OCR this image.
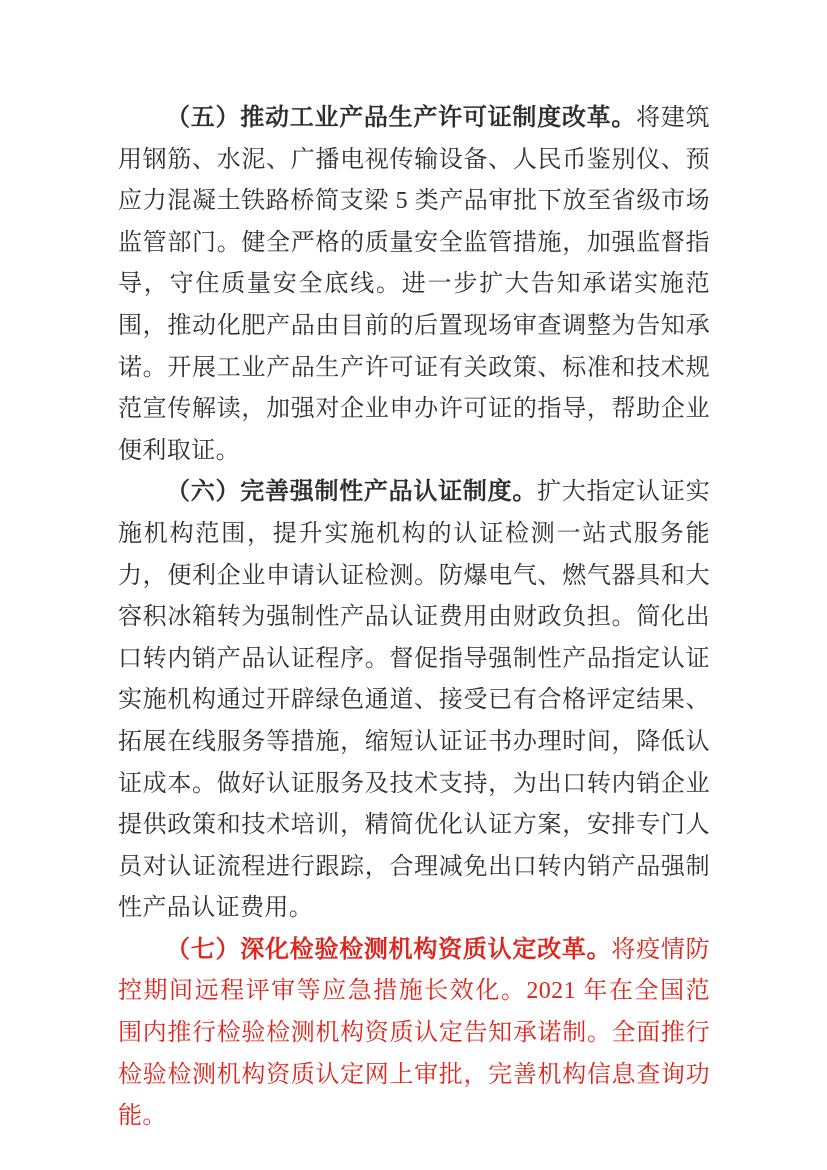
（五）推动工业产品生产许可证制度改革。将建筑用钢筋、水泥、广播电视传输设备、人民币鉴别仪、预应力混凝土铁路桥简支梁 5 类产品审批下放至省级市场监管部门。健全严格的质量安全监管措施，加强监督指导，守住质量安全底线。进一步扩大告知承诺实施范围，推动化肥产品由目前的后置现场审查调整为告知承诺。开展工业产品生产许可证有关政策、标准和技术规范宣传解读，加强对企业申办许可证的指导，帮助企业便利取证。

（六）完善强制性产品认证制度。扩大指定认证实施机构范围，提升实施机构的认证检测一站式服务能力，便利企业申请认证检测。防爆电气、燃气器具和大容积冰箱转为强制性产品认证费用由财政负担。简化出口转内销产品认证程序。督促指导强制性产品指定认证实施机构通过开辟绿色通道、接受已有合格评定结果、拓展在线服务等措施，缩短认证证书办理时间，降低认证成本。做好认证服务及技术支持，为出口转内销企业提供政策和技术培训，精简优化认证方案，安排专门人员对认证流程进行跟踪，合理减免出口转内销产品强制性产品认证费用。

（七）深化检验检测机构资质认定改革。将疫情防控期间远程评审等应急措施长效化。2021 年在全国范围内推行检验检测机构资质认定告知承诺制。全面推行检验检测机构资质认定网上审批，完善机构信息查询功能。
